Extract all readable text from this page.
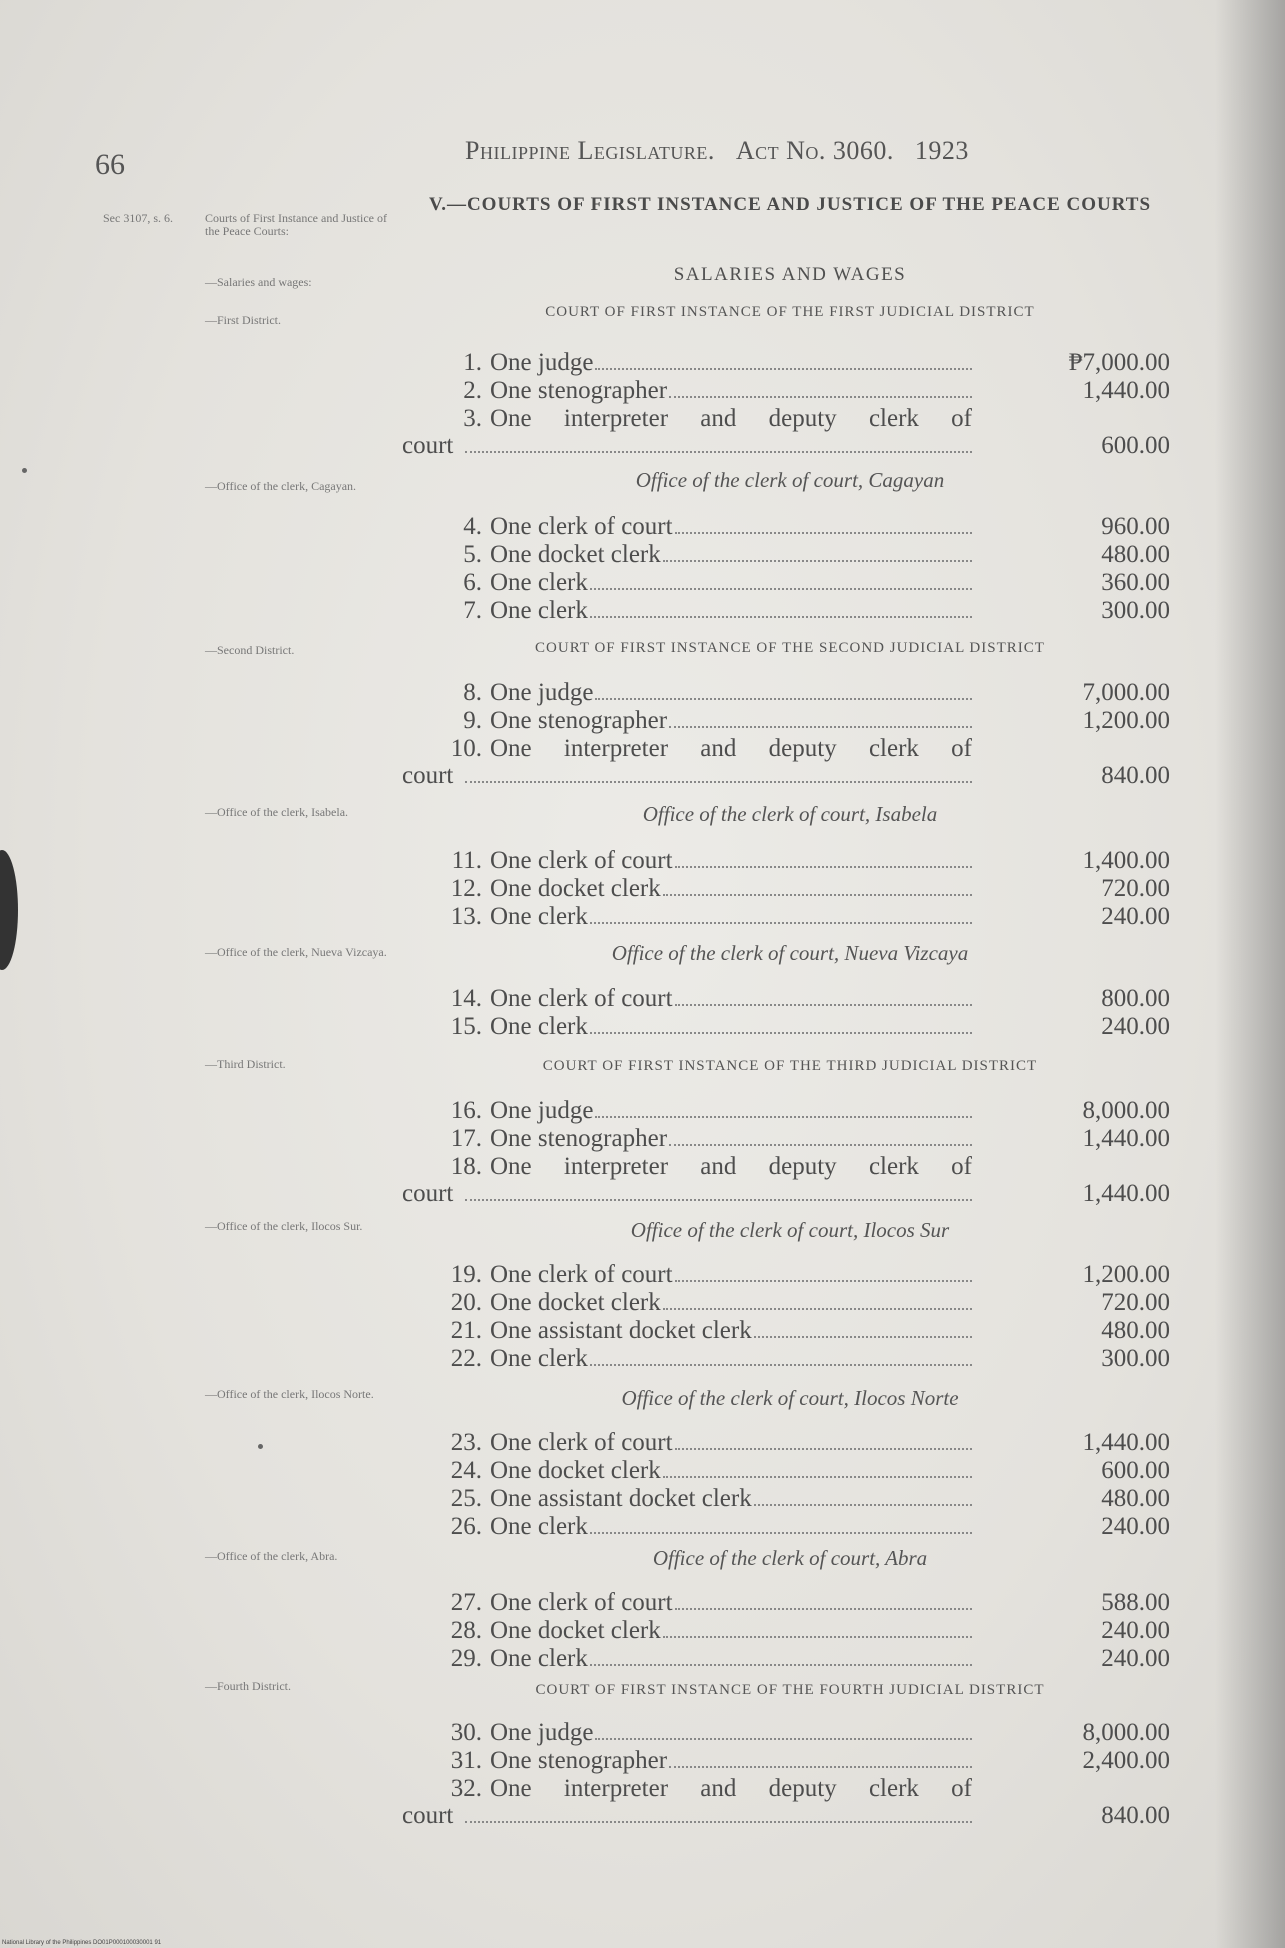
66	Philippine Legislature. Act No. 3060. 1923
Sec 3107, s. 6.	Courts of First Instance and Justice of the Peace Courts:
—Salaries and wages:
—First District.
—Office of the clerk, Cagayan.
—Second District.
—Office of the clerk, Isabela.
—Office of the clerk, Nueva Vizcaya.
—Third District.
—Office of the clerk, Ilocos Sur.
—Office of the clerk, Ilocos Norte.
—Office of the clerk, Abra.
—Fourth District.
V.—COURTS OF FIRST INSTANCE AND JUSTICE OF THE PEACE COURTS
SALARIES AND WAGES
COURT OF FIRST INSTANCE OF THE FIRST JUDICIAL DISTRICT
Office of the clerk of court, Cagayan
COURT OF FIRST INSTANCE OF THE SECOND JUDICIAL DISTRICT
Office of the clerk of court, Isabela
Office of the clerk of court, Nueva Vizcaya
COURT OF FIRST INSTANCE OF THE THIRD JUDICIAL DISTRICT
Office of the clerk of court, Ilocos Sur
Office of the clerk of court, Ilocos Norte
Office of the clerk of court, Abra
COURT OF FIRST INSTANCE OF THE FOURTH JUDICIAL DISTRICT
1. One judge	₱7,000.00
2. One stenographer	1,440.00
3. One interpreter and deputy clerk of
court	600.00
4. One clerk of court	960.00
5. One docket clerk	480.00
6. One clerk	360.00
7. One clerk	300.00
8. One judge	7,000.00
9. One stenographer	1,200.00
10. One interpreter and deputy clerk of
court	840.00
11. One clerk of court	1,400.00
12. One docket clerk	720.00
13. One clerk	240.00
14. One clerk of court	800.00
15. One clerk	240.00
16. One judge	8,000.00
17. One stenographer	1,440.00
18. One interpreter and deputy clerk of
court	1,440.00
19. One clerk of court	1,200.00
20. One docket clerk	720.00
21. One assistant docket clerk	480.00
22. One clerk	300.00
23. One clerk of court	1,440.00
24. One docket clerk	600.00
25. One assistant docket clerk	480.00
26. One clerk	240.00
27. One clerk of court	588.00
28. One docket clerk	240.00
29. One clerk	240.00
30. One judge	8,000.00
31. One stenographer	2,400.00
32. One interpreter and deputy clerk of
court	840.00
National Library of the Philippines DO01P000100030001 91
